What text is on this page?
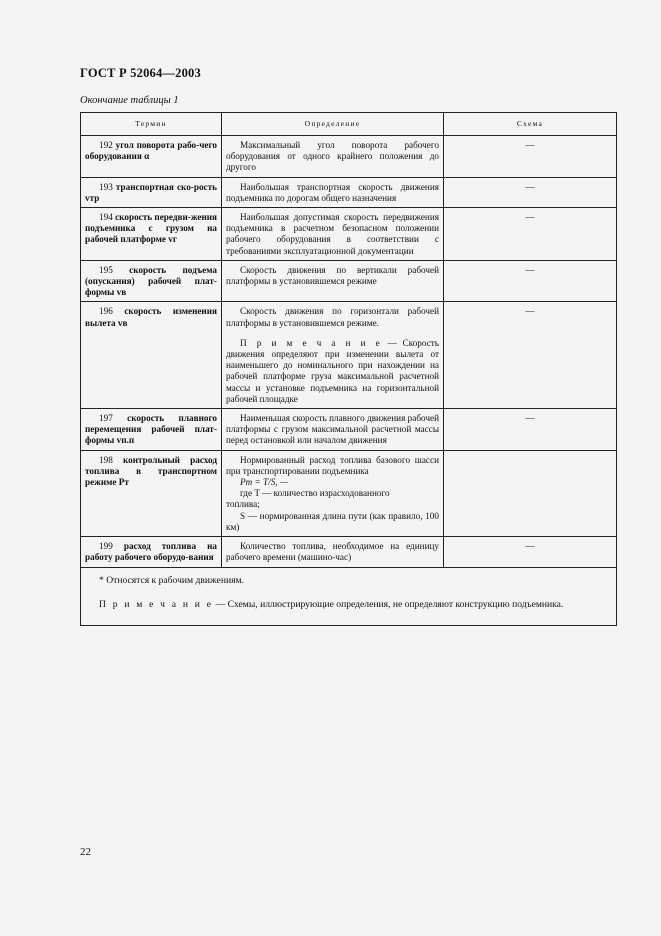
ГОСТ Р 52064—2003
Окончание таблицы 1
Термин	Определение	Схема
192 угол поворота рабо-чего оборудования α	Максимальный угол поворота рабочего оборудования от одного крайнего положения до другого	—
193 транспортная ско-рость vтр	Наибольшая транспортная скорость движения подъемника по дорогам общего назначения	—
194 скорость передви-жения подъемника с грузом на рабочей платформе vг	Наибольшая допустимая скорость передвижения подъемника в расчетном безопасном положении рабочего оборудования в соответствии с требованиями эксплуатационной документации	—
195 скорость подъема (опускания) рабочей плат-формы vв	Скорость движения по вертикали рабочей платформы в установившемся режиме	—
196 скорость изменения вылета vв	Скорость движения по горизонтали рабочей платформы в установившемся режиме.

П р и м е ч а н и е — Скорость движения определяют при изменении вылета от наименьшего до номинального при нахождении на рабочей платформе груза максимальной расчетной массы и установке подъемника на горизонтальной рабочей площадке	—
197 скорость плавного перемещения рабочей плат-формы vп.п	Наименьшая скорость плавного движения рабочей платформы с грузом максимальной расчетной массы перед остановкой или началом движения	—
198 контрольный расход топлива в транспортном режиме Pт	Нормированный расход топлива базового шасси при транспортировании подъемника

Pт = T/S, —

где T — количество израсходованного

топлива;

S — нормированная длина пути (как правило, 100 км)	

199 расход топлива на работу рабочего оборудо-вания	Количество топлива, необходимое на единицу рабочего времени (машино-час)	—

* Относятся к рабочим движениям.

П р и м е ч а н и е — Схемы, иллюстрирующие определения, не определяют конструкцию подъемника.		

22
